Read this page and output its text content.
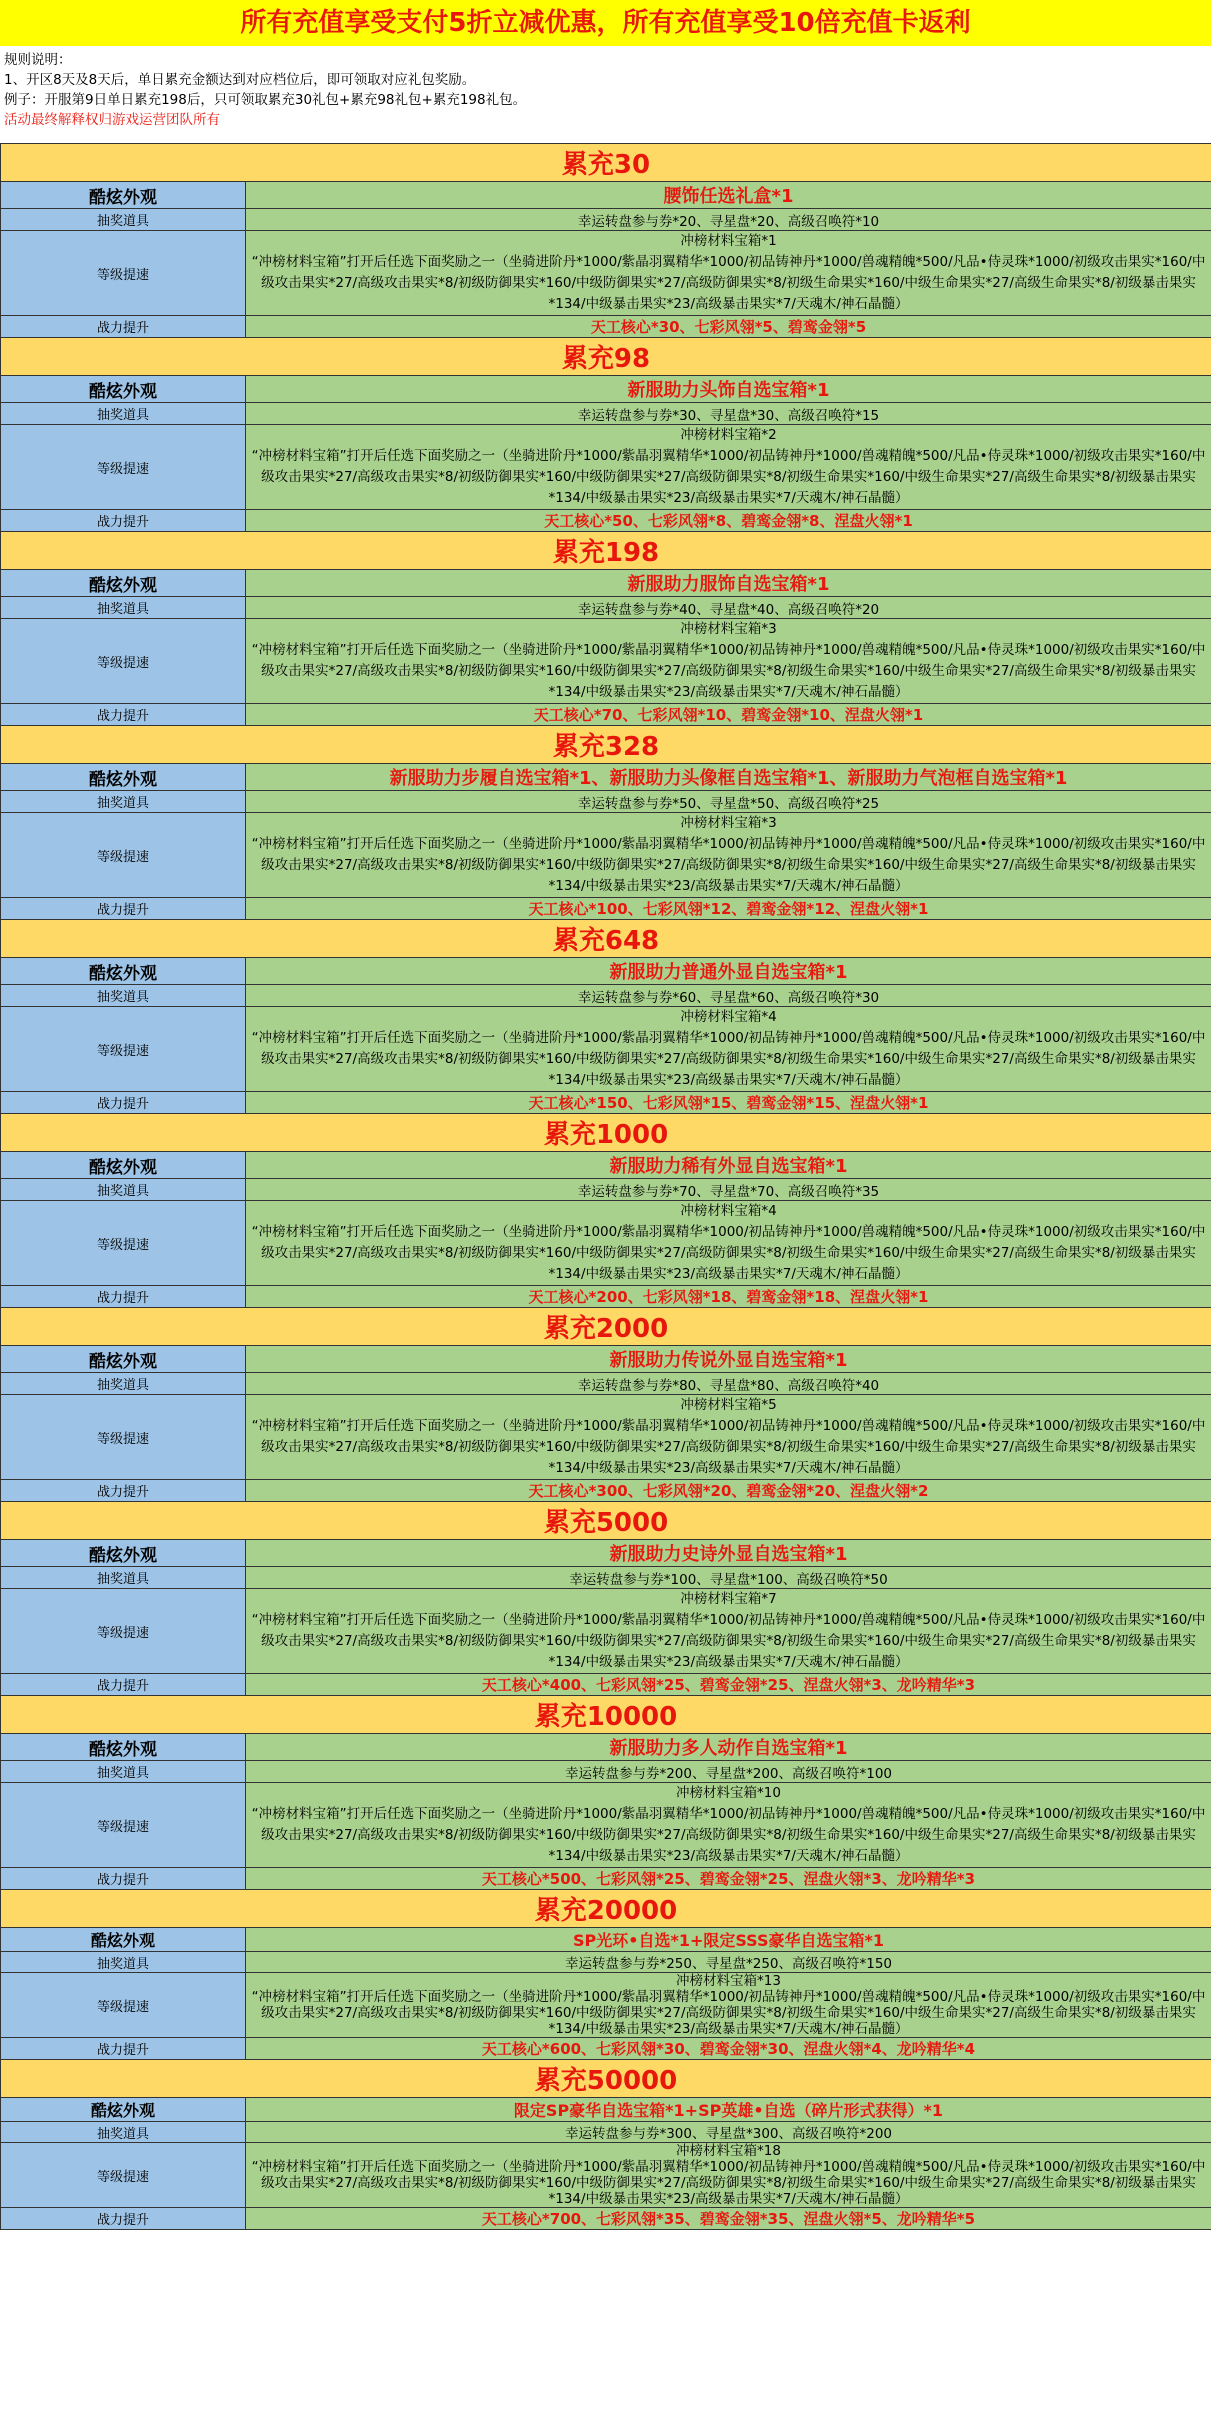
所有充值享受支付5折立减优惠，所有充值享受10倍充值卡返利
规则说明：
1、开区8天及8天后，单日累充金额达到对应档位后，即可领取对应礼包奖励。
例子：开服第9日单日累充198后，只可领取累充30礼包+累充98礼包+累充198礼包。
活动最终解释权归游戏运营团队所有
累充30	
酷炫外观	腰饰任选礼盒*1
抽奖道具	幸运转盘参与券*20、寻星盘*20、高级召唤符*10
等级提速	冲榜材料宝箱*1
“冲榜材料宝箱”打开后任选下面奖励之一（坐骑进阶丹*1000/紫晶羽翼精华*1000/初品铸神丹*1000/兽魂精魄*500/凡品•侍灵珠*1000/初级攻击果实*160/中级攻击果实*27/高级攻击果实*8/初级防御果实*160/中级防御果实*27/高级防御果实*8/初级生命果实*160/中级生命果实*27/高级生命果实*8/初级暴击果实*134/中级暴击果实*23/高级暴击果实*7/天魂木/神石晶髓）

战力提升	天工核心*30、七彩风翎*5、碧鸾金翎*5
累充98	
酷炫外观	新服助力头饰自选宝箱*1
抽奖道具	幸运转盘参与券*30、寻星盘*30、高级召唤符*15
等级提速	冲榜材料宝箱*2
“冲榜材料宝箱”打开后任选下面奖励之一（坐骑进阶丹*1000/紫晶羽翼精华*1000/初品铸神丹*1000/兽魂精魄*500/凡品•侍灵珠*1000/初级攻击果实*160/中级攻击果实*27/高级攻击果实*8/初级防御果实*160/中级防御果实*27/高级防御果实*8/初级生命果实*160/中级生命果实*27/高级生命果实*8/初级暴击果实*134/中级暴击果实*23/高级暴击果实*7/天魂木/神石晶髓）

战力提升	天工核心*50、七彩风翎*8、碧鸾金翎*8、涅盘火翎*1
累充198	
酷炫外观	新服助力服饰自选宝箱*1
抽奖道具	幸运转盘参与券*40、寻星盘*40、高级召唤符*20
等级提速	冲榜材料宝箱*3
“冲榜材料宝箱”打开后任选下面奖励之一（坐骑进阶丹*1000/紫晶羽翼精华*1000/初品铸神丹*1000/兽魂精魄*500/凡品•侍灵珠*1000/初级攻击果实*160/中级攻击果实*27/高级攻击果实*8/初级防御果实*160/中级防御果实*27/高级防御果实*8/初级生命果实*160/中级生命果实*27/高级生命果实*8/初级暴击果实*134/中级暴击果实*23/高级暴击果实*7/天魂木/神石晶髓）

战力提升	天工核心*70、七彩风翎*10、碧鸾金翎*10、涅盘火翎*1
累充328	
酷炫外观	新服助力步履自选宝箱*1、新服助力头像框自选宝箱*1、新服助力气泡框自选宝箱*1
抽奖道具	幸运转盘参与券*50、寻星盘*50、高级召唤符*25
等级提速	冲榜材料宝箱*3
“冲榜材料宝箱”打开后任选下面奖励之一（坐骑进阶丹*1000/紫晶羽翼精华*1000/初品铸神丹*1000/兽魂精魄*500/凡品•侍灵珠*1000/初级攻击果实*160/中级攻击果实*27/高级攻击果实*8/初级防御果实*160/中级防御果实*27/高级防御果实*8/初级生命果实*160/中级生命果实*27/高级生命果实*8/初级暴击果实*134/中级暴击果实*23/高级暴击果实*7/天魂木/神石晶髓）

战力提升	天工核心*100、七彩风翎*12、碧鸾金翎*12、涅盘火翎*1
累充648	
酷炫外观	新服助力普通外显自选宝箱*1
抽奖道具	幸运转盘参与券*60、寻星盘*60、高级召唤符*30
等级提速	冲榜材料宝箱*4
“冲榜材料宝箱”打开后任选下面奖励之一（坐骑进阶丹*1000/紫晶羽翼精华*1000/初品铸神丹*1000/兽魂精魄*500/凡品•侍灵珠*1000/初级攻击果实*160/中级攻击果实*27/高级攻击果实*8/初级防御果实*160/中级防御果实*27/高级防御果实*8/初级生命果实*160/中级生命果实*27/高级生命果实*8/初级暴击果实*134/中级暴击果实*23/高级暴击果实*7/天魂木/神石晶髓）

战力提升	天工核心*150、七彩风翎*15、碧鸾金翎*15、涅盘火翎*1
累充1000	
酷炫外观	新服助力稀有外显自选宝箱*1
抽奖道具	幸运转盘参与券*70、寻星盘*70、高级召唤符*35
等级提速	冲榜材料宝箱*4
“冲榜材料宝箱”打开后任选下面奖励之一（坐骑进阶丹*1000/紫晶羽翼精华*1000/初品铸神丹*1000/兽魂精魄*500/凡品•侍灵珠*1000/初级攻击果实*160/中级攻击果实*27/高级攻击果实*8/初级防御果实*160/中级防御果实*27/高级防御果实*8/初级生命果实*160/中级生命果实*27/高级生命果实*8/初级暴击果实*134/中级暴击果实*23/高级暴击果实*7/天魂木/神石晶髓）

战力提升	天工核心*200、七彩风翎*18、碧鸾金翎*18、涅盘火翎*1
累充2000	
酷炫外观	新服助力传说外显自选宝箱*1
抽奖道具	幸运转盘参与券*80、寻星盘*80、高级召唤符*40
等级提速	冲榜材料宝箱*5
“冲榜材料宝箱”打开后任选下面奖励之一（坐骑进阶丹*1000/紫晶羽翼精华*1000/初品铸神丹*1000/兽魂精魄*500/凡品•侍灵珠*1000/初级攻击果实*160/中级攻击果实*27/高级攻击果实*8/初级防御果实*160/中级防御果实*27/高级防御果实*8/初级生命果实*160/中级生命果实*27/高级生命果实*8/初级暴击果实*134/中级暴击果实*23/高级暴击果实*7/天魂木/神石晶髓）

战力提升	天工核心*300、七彩风翎*20、碧鸾金翎*20、涅盘火翎*2
累充5000	
酷炫外观	新服助力史诗外显自选宝箱*1
抽奖道具	幸运转盘参与券*100、寻星盘*100、高级召唤符*50
等级提速	冲榜材料宝箱*7
“冲榜材料宝箱”打开后任选下面奖励之一（坐骑进阶丹*1000/紫晶羽翼精华*1000/初品铸神丹*1000/兽魂精魄*500/凡品•侍灵珠*1000/初级攻击果实*160/中级攻击果实*27/高级攻击果实*8/初级防御果实*160/中级防御果实*27/高级防御果实*8/初级生命果实*160/中级生命果实*27/高级生命果实*8/初级暴击果实*134/中级暴击果实*23/高级暴击果实*7/天魂木/神石晶髓）

战力提升	天工核心*400、七彩风翎*25、碧鸾金翎*25、涅盘火翎*3、龙吟精华*3
累充10000	
酷炫外观	新服助力多人动作自选宝箱*1
抽奖道具	幸运转盘参与券*200、寻星盘*200、高级召唤符*100
等级提速	冲榜材料宝箱*10
“冲榜材料宝箱”打开后任选下面奖励之一（坐骑进阶丹*1000/紫晶羽翼精华*1000/初品铸神丹*1000/兽魂精魄*500/凡品•侍灵珠*1000/初级攻击果实*160/中级攻击果实*27/高级攻击果实*8/初级防御果实*160/中级防御果实*27/高级防御果实*8/初级生命果实*160/中级生命果实*27/高级生命果实*8/初级暴击果实*134/中级暴击果实*23/高级暴击果实*7/天魂木/神石晶髓）

战力提升	天工核心*500、七彩风翎*25、碧鸾金翎*25、涅盘火翎*3、龙吟精华*3
累充20000	
酷炫外观	SP光环•自选*1+限定SSS豪华自选宝箱*1
抽奖道具	幸运转盘参与券*250、寻星盘*250、高级召唤符*150
等级提速	冲榜材料宝箱*13
“冲榜材料宝箱”打开后任选下面奖励之一（坐骑进阶丹*1000/紫晶羽翼精华*1000/初品铸神丹*1000/兽魂精魄*500/凡品•侍灵珠*1000/初级攻击果实*160/中级攻击果实*27/高级攻击果实*8/初级防御果实*160/中级防御果实*27/高级防御果实*8/初级生命果实*160/中级生命果实*27/高级生命果实*8/初级暴击果实*134/中级暴击果实*23/高级暴击果实*7/天魂木/神石晶髓）

战力提升	天工核心*600、七彩风翎*30、碧鸾金翎*30、涅盘火翎*4、龙吟精华*4
累充50000	
酷炫外观	限定SP豪华自选宝箱*1+SP英雄•自选（碎片形式获得）*1
抽奖道具	幸运转盘参与券*300、寻星盘*300、高级召唤符*200
等级提速	冲榜材料宝箱*18
“冲榜材料宝箱”打开后任选下面奖励之一（坐骑进阶丹*1000/紫晶羽翼精华*1000/初品铸神丹*1000/兽魂精魄*500/凡品•侍灵珠*1000/初级攻击果实*160/中级攻击果实*27/高级攻击果实*8/初级防御果实*160/中级防御果实*27/高级防御果实*8/初级生命果实*160/中级生命果实*27/高级生命果实*8/初级暴击果实*134/中级暴击果实*23/高级暴击果实*7/天魂木/神石晶髓）

战力提升	天工核心*700、七彩风翎*35、碧鸾金翎*35、涅盘火翎*5、龙吟精华*5
